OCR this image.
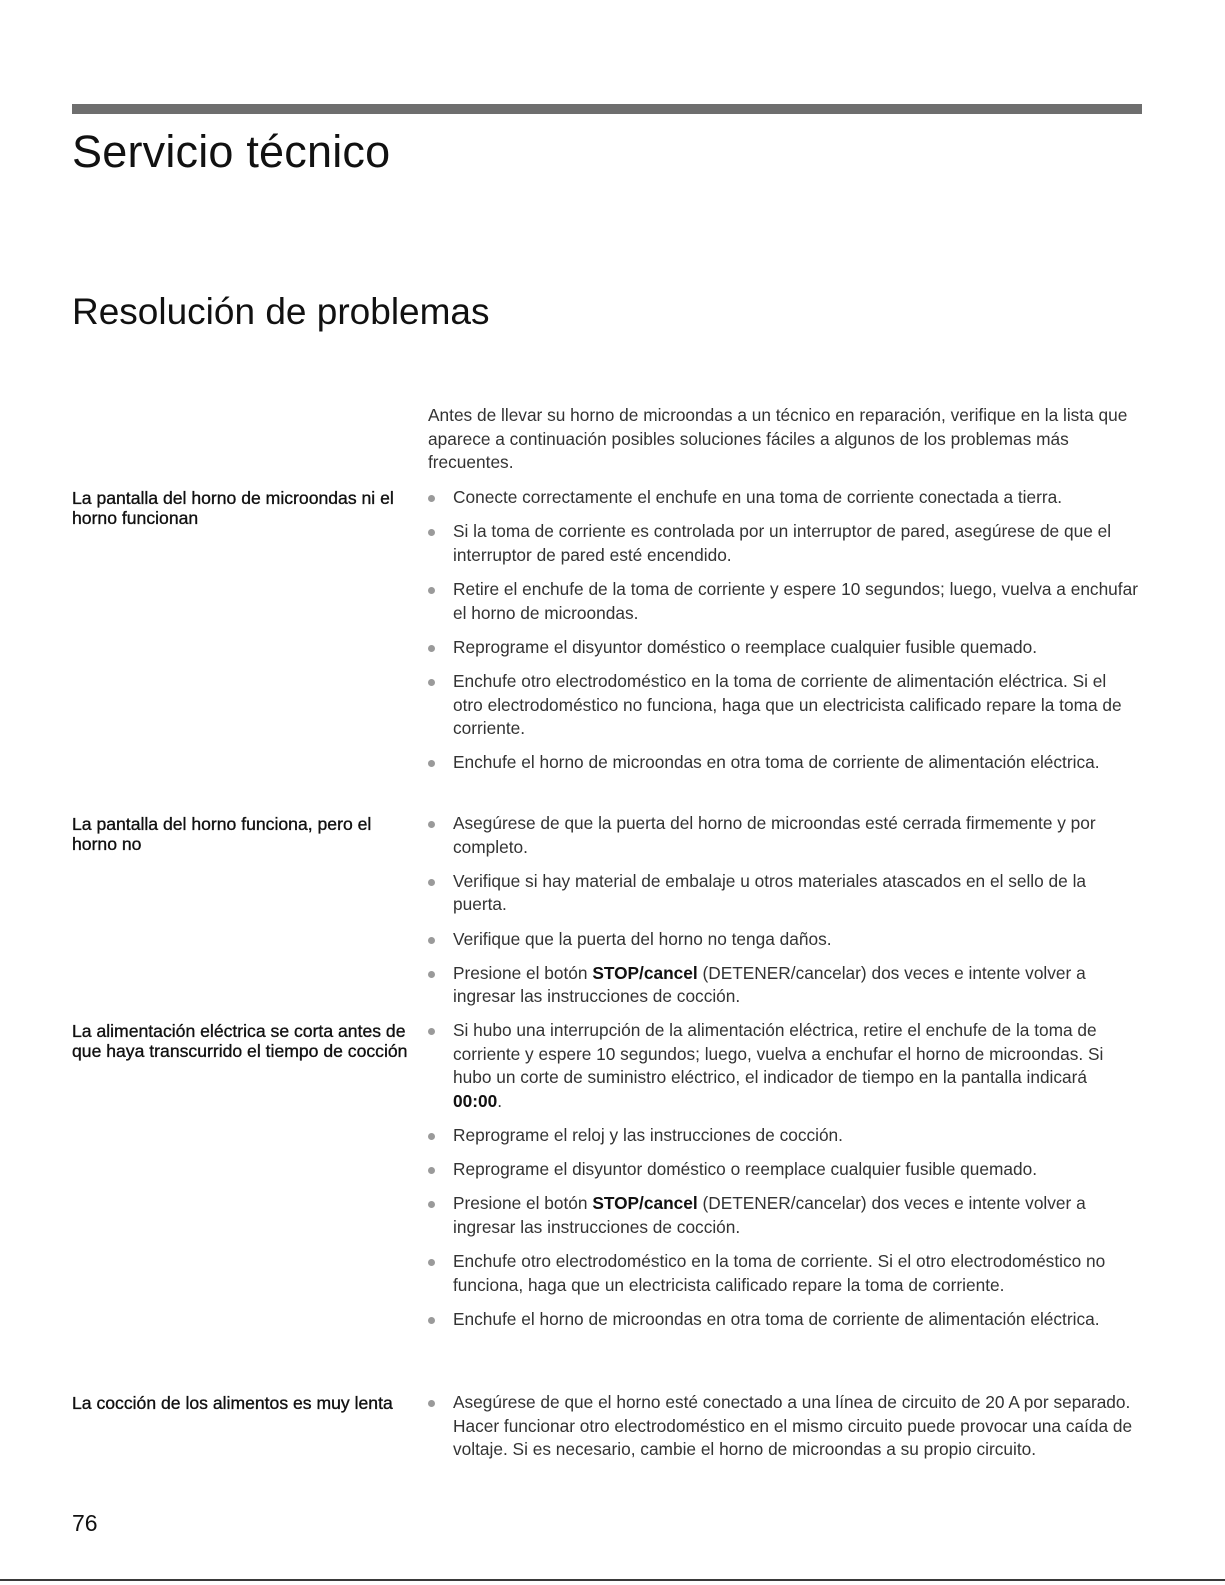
Servicio técnico
Resolución de problemas

Antes de llevar su horno de microondas a un técnico en reparación, verifique en la lista que aparece a continuación posibles soluciones fáciles a algunos de los problemas más frecuentes.

La pantalla del horno de microondas ni el horno funcionan

Conecte correctamente el enchufe en una toma de corriente conectada a tierra.
Si la toma de corriente es controlada por un interruptor de pared, asegúrese de que el interruptor de pared esté encendido.
Retire el enchufe de la toma de corriente y espere 10 segundos; luego, vuelva a enchufar el horno de microondas.
Reprograme el disyuntor doméstico o reemplace cualquier fusible quemado.
Enchufe otro electrodoméstico en la toma de corriente de alimentación eléctrica. Si el otro electrodoméstico no funciona, haga que un electricista calificado repare la toma de corriente.
Enchufe el horno de microondas en otra toma de corriente de alimentación eléctrica.

La pantalla del horno funciona, pero el horno no

Asegúrese de que la puerta del horno de microondas esté cerrada firmemente y por completo.
Verifique si hay material de embalaje u otros materiales atascados en el sello de la puerta.
Verifique que la puerta del horno no tenga daños.
Presione el botón STOP/cancel (DETENER/cancelar) dos veces e intente volver a ingresar las instrucciones de cocción.

La alimentación eléctrica se corta antes de que haya transcurrido el tiempo de cocción

Si hubo una interrupción de la alimentación eléctrica, retire el enchufe de la toma de corriente y espere 10 segundos; luego, vuelva a enchufar el horno de microondas. Si hubo un corte de suministro eléctrico, el indicador de tiempo en la pantalla indicará 00:00.
Reprograme el reloj y las instrucciones de cocción.
Reprograme el disyuntor doméstico o reemplace cualquier fusible quemado.
Presione el botón STOP/cancel (DETENER/cancelar) dos veces e intente volver a ingresar las instrucciones de cocción.
Enchufe otro electrodoméstico en la toma de corriente. Si el otro electrodoméstico no funciona, haga que un electricista calificado repare la toma de corriente.
Enchufe el horno de microondas en otra toma de corriente de alimentación eléctrica.

La cocción de los alimentos es muy lenta	Asegúrese de que el horno esté conectado a una línea de circuito de 20 A por separado. Hacer funcionar otro electrodoméstico en el mismo circuito puede provocar una caída de voltaje. Si es necesario, cambie el horno de microondas a su propio circuito.

76
